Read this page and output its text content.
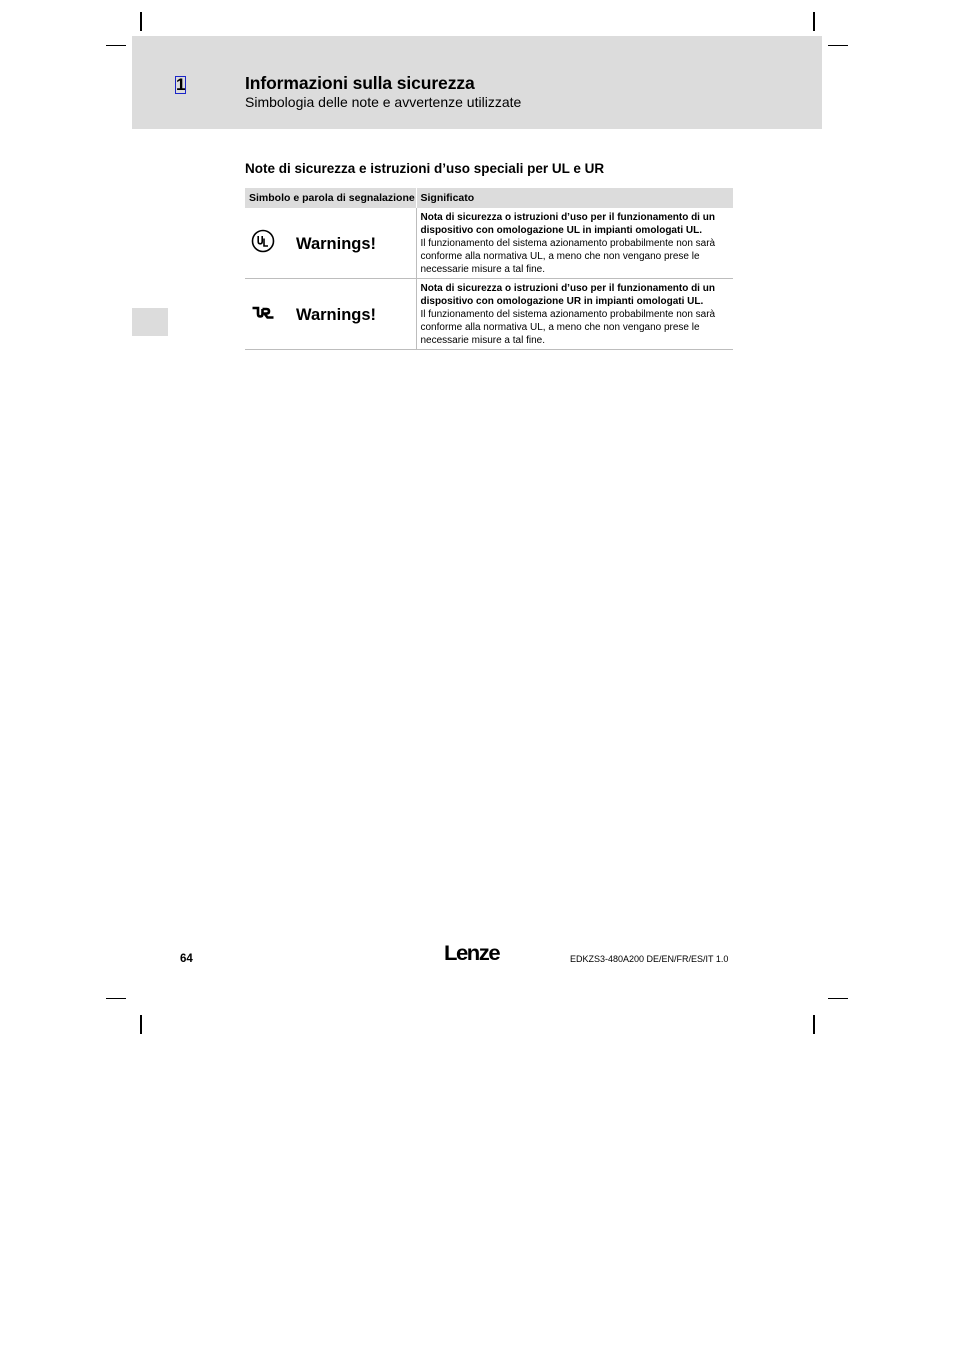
1	Informazioni sulla sicurezza
Simbologia delle note e avvertenze utilizzate
Note di sicurezza e istruzioni d’uso speciali per UL e UR
Simbolo e parola di segnalazione	Significato

Warnings!	Nota di sicurezza o istruzioni d’uso per il funzionamento di un dispositivo con omologazione UL in impianti omologati UL.
Il funzionamento del sistema azionamento probabilmente non sarà conforme alla normativa UL, a meno che non vengano prese le necessarie misure a tal fine.

Warnings!	Nota di sicurezza o istruzioni d’uso per il funzionamento di un dispositivo con omologazione UR in impianti omologati UL.
Il funzionamento del sistema azionamento probabilmente non sarà conforme alla normativa UL, a meno che non vengano prese le necessarie misure a tal fine.
64	Lenze	EDKZS3-480A200 DE/EN/FR/ES/IT 1.0
